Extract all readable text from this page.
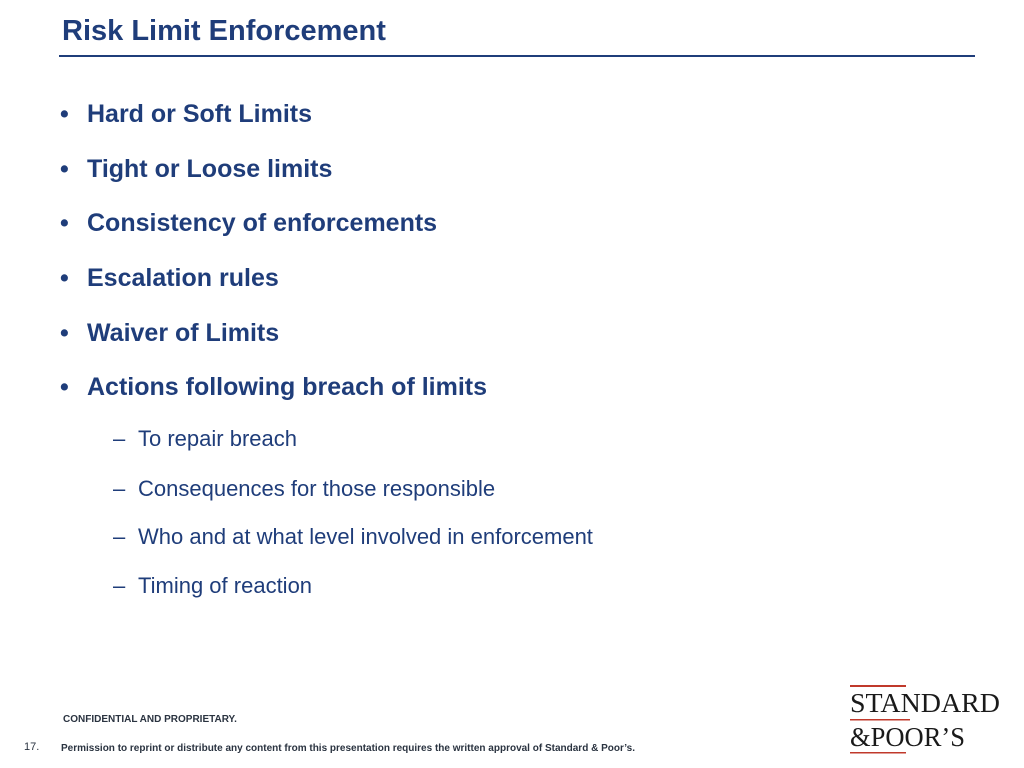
Risk Limit Enforcement
• Hard or Soft Limits
• Tight or Loose limits
• Consistency of enforcements
• Escalation rules
• Waiver of Limits
• Actions following breach of limits
– To repair breach
– Consequences for those responsible
– Who and at what level involved in enforcement
– Timing of reaction
CONFIDENTIAL AND PROPRIETARY.
17. Permission to reprint or distribute any content from this presentation requires the written approval of Standard & Poor’s.
STANDARD
&POOR’S
